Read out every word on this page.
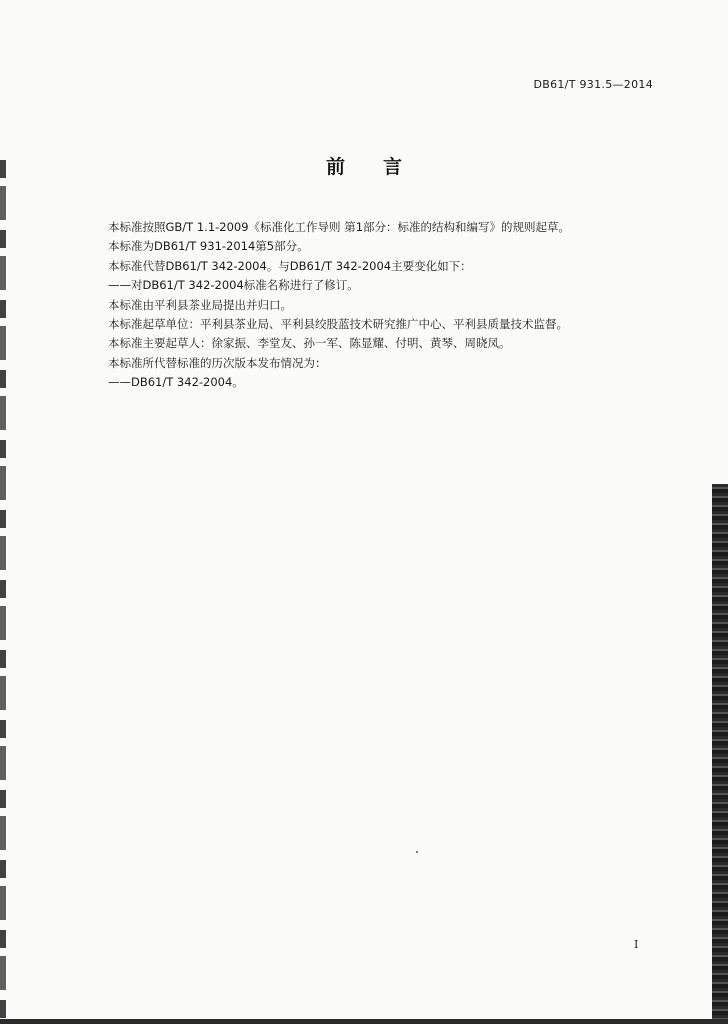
DB61/T 931.5—2014
前言
本标准按照GB/T 1.1-2009《标准化工作导则 第1部分：标准的结构和编写》的规则起草。
本标准为DB61/T 931-2014第5部分。
本标准代替DB61/T 342-2004。与DB61/T 342-2004主要变化如下：
——对DB61/T 342-2004标准名称进行了修订。
本标准由平利县茶业局提出并归口。
本标准起草单位：平利县茶业局、平利县绞股蓝技术研究推广中心、平利县质量技术监督。
本标准主要起草人：徐家振、李堂友、孙一军、陈显耀、付明、黄琴、周晓凤。
本标准所代替标准的历次版本发布情况为：
——DB61/T 342-2004。
I
